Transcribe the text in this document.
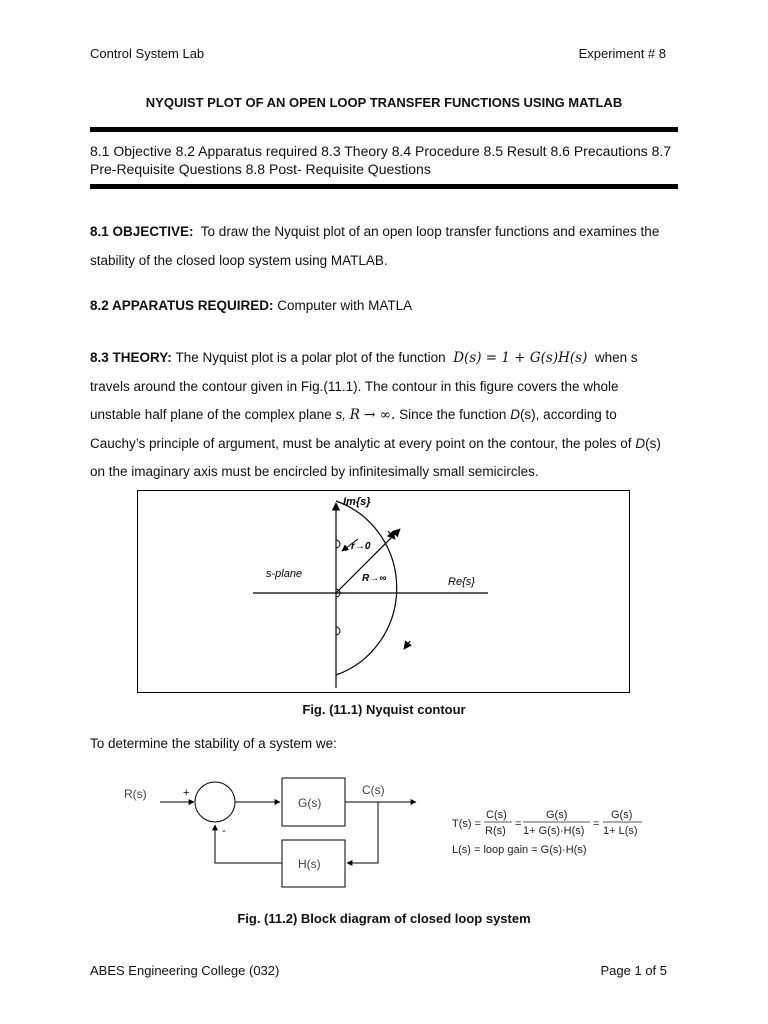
Control System Lab	Experiment # 8
NYQUIST PLOT OF AN OPEN LOOP TRANSFER FUNCTIONS USING MATLAB
8.1 Objective 8.2 Apparatus required 8.3 Theory 8.4 Procedure 8.5 Result 8.6 Precautions 8.7
Pre-Requisite Questions 8.8 Post- Requisite Questions
8.1 OBJECTIVE: To draw the Nyquist plot of an open loop transfer functions and examines the
stability of the closed loop system using MATLAB.
8.2 APPARATUS REQUIRED: Computer with MATLA
8.3 THEORY: The Nyquist plot is a polar plot of the function D(s) = 1 + G(s)H(s) when s
travels around the contour given in Fig.(11.1). The contour in this figure covers the whole
unstable half plane of the complex plane s, R → ∞. Since the function D(s), according to
Cauchy’s principle of argument, must be analytic at every point on the contour, the poles of D(s)
on the imaginary axis must be encircled by infinitesimally small semicircles.
Im{s}
Re{s}
s-plane
r→0
R→∞
Fig. (11.1) Nyquist contour
To determine the stability of a system we:
R(s)	+
-
G(s)
C(s)
H(s)
T(s) =
C(s)
R(s)
=
G(s)
1+ G(s)·H(s)
=
G(s)
1+ L(s)
L(s) = loop gain = G(s)·H(s)
Fig. (11.2) Block diagram of closed loop system
ABES Engineering College (032)	Page 1 of 5
